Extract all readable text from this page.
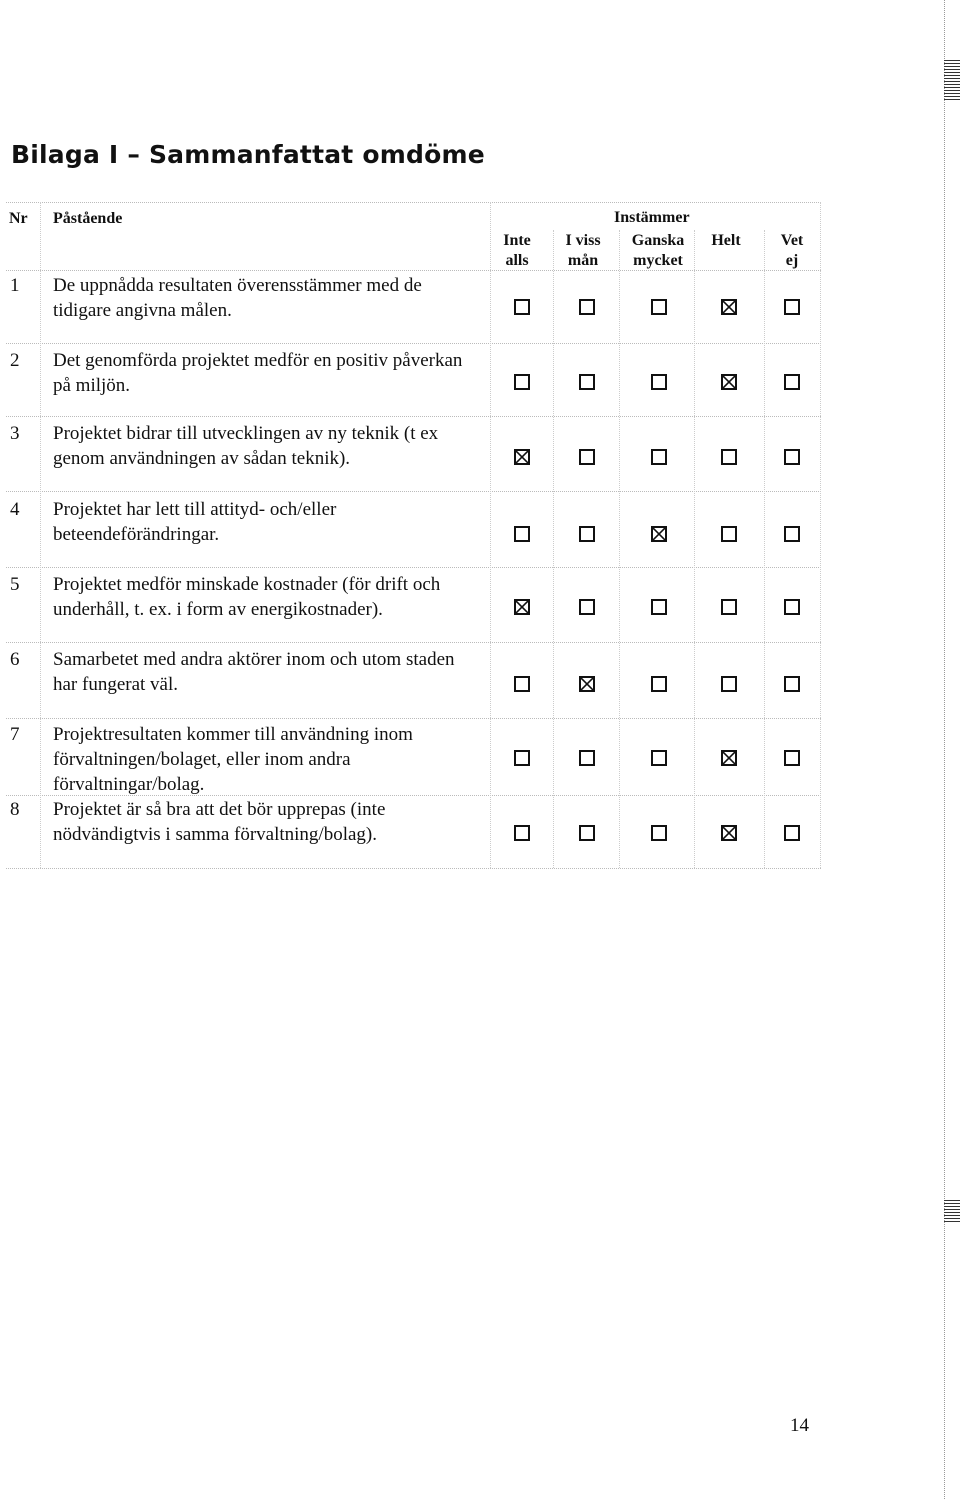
Bilaga I – Sammanfattat omdöme
Nr Påstående	Instämmer
Inte
alls
I viss
mån
Ganska
mycket
Helt	Vet
ej
1 De uppnådda resultaten överensstämmer med de tidigare angivna målen.
2 Det genomförda projektet medför en positiv påverkan på miljön.
3 Projektet bidrar till utvecklingen av ny teknik (t ex genom användningen av sådan teknik).
4 Projektet har lett till attityd- och/eller beteendeförändringar.
5 Projektet medför minskade kostnader (för drift och underhåll, t. ex. i form av energikostnader).
6 Samarbetet med andra aktörer inom och utom staden har fungerat väl.
7 Projektresultaten kommer till användning inom förvaltningen/bolaget, eller inom andra förvaltningar/bolag.
8 Projektet är så bra att det bör upprepas (inte nödvändigtvis i samma förvaltning/bolag).
14
